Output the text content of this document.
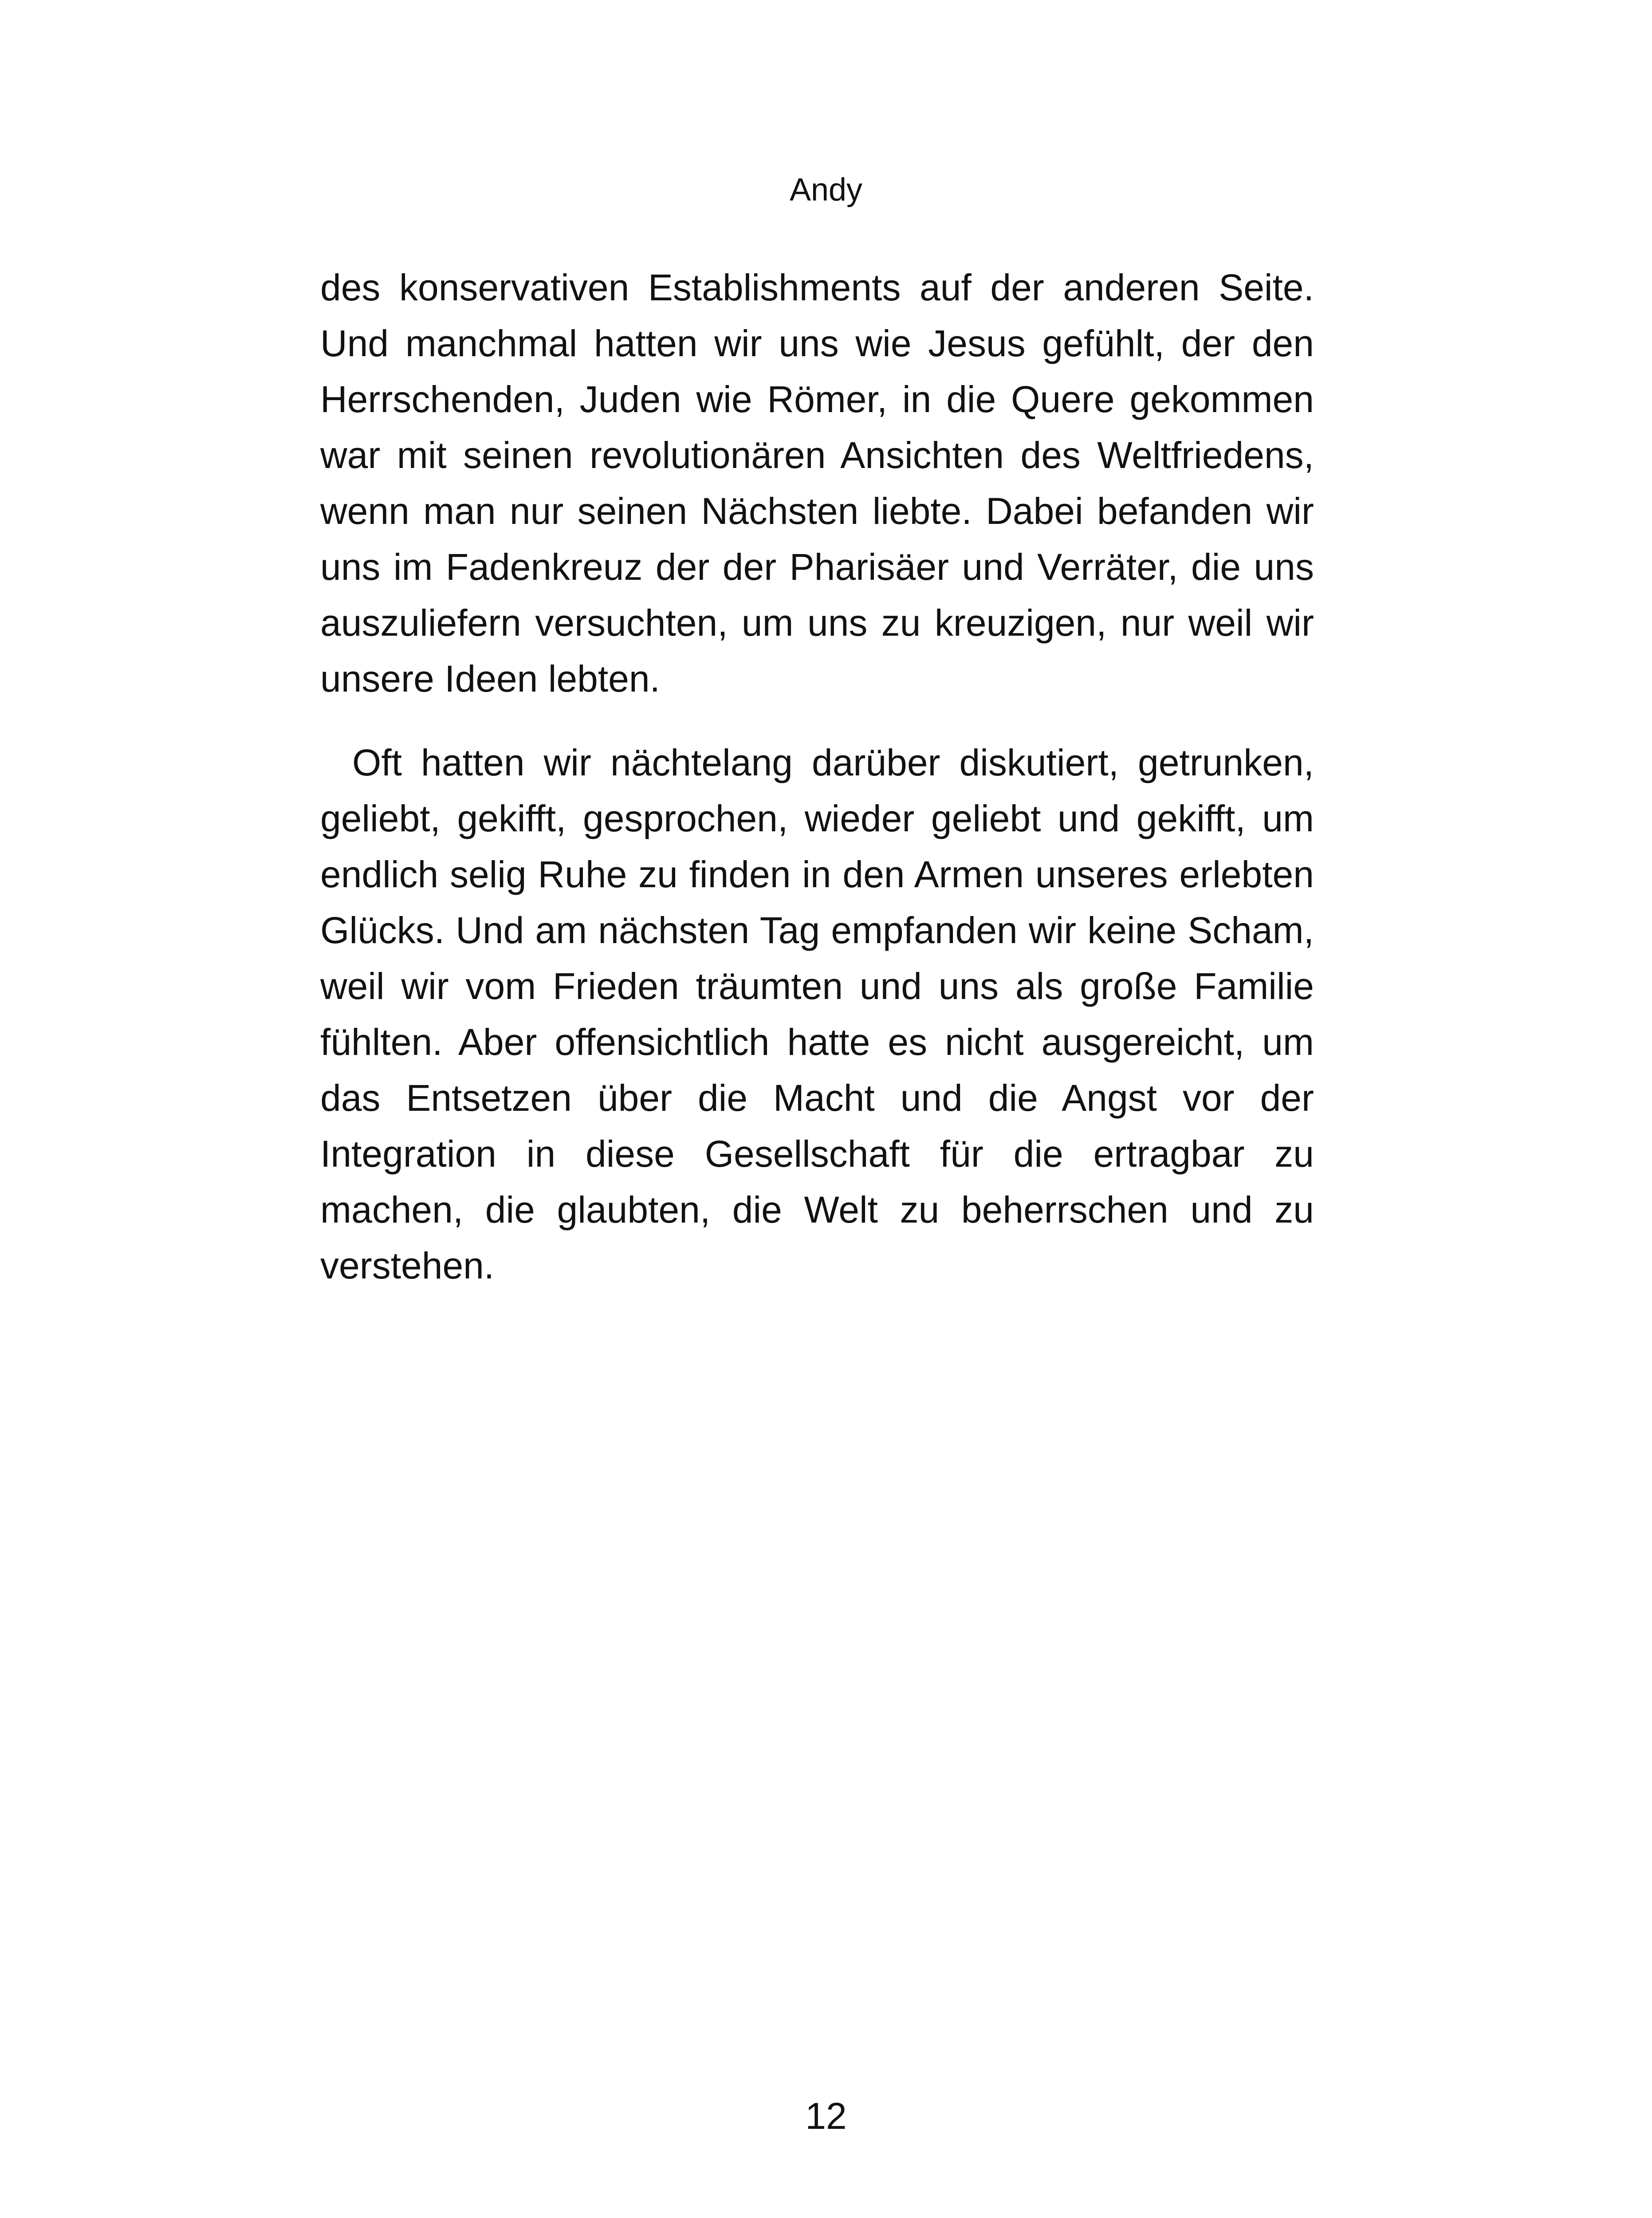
Andy

des konservativen Establishments auf der anderen Seite. Und manchmal hatten wir uns wie Jesus gefühlt, der den Herrschenden, Juden wie Römer, in die Quere gekommen war mit seinen revolutionären Ansichten des Weltfriedens, wenn man nur seinen Nächsten liebte. Dabei befanden wir uns im Fadenkreuz der der Pharisäer und Verräter, die uns auszuliefern versuchten, um uns zu kreuzigen, nur weil wir unsere Ideen lebten.

Oft hatten wir nächtelang darüber diskutiert, getrunken, geliebt, gekifft, gesprochen, wieder geliebt und gekifft, um endlich selig Ruhe zu finden in den Armen unseres erlebten Glücks. Und am nächsten Tag empfanden wir keine Scham, weil wir vom Frieden träumten und uns als große Familie fühlten. Aber offensichtlich hatte es nicht ausgereicht, um das Entsetzen über die Macht und die Angst vor der Integration in diese Gesellschaft für die ertragbar zu machen, die glaubten, die Welt zu beherrschen und zu verstehen.

12
